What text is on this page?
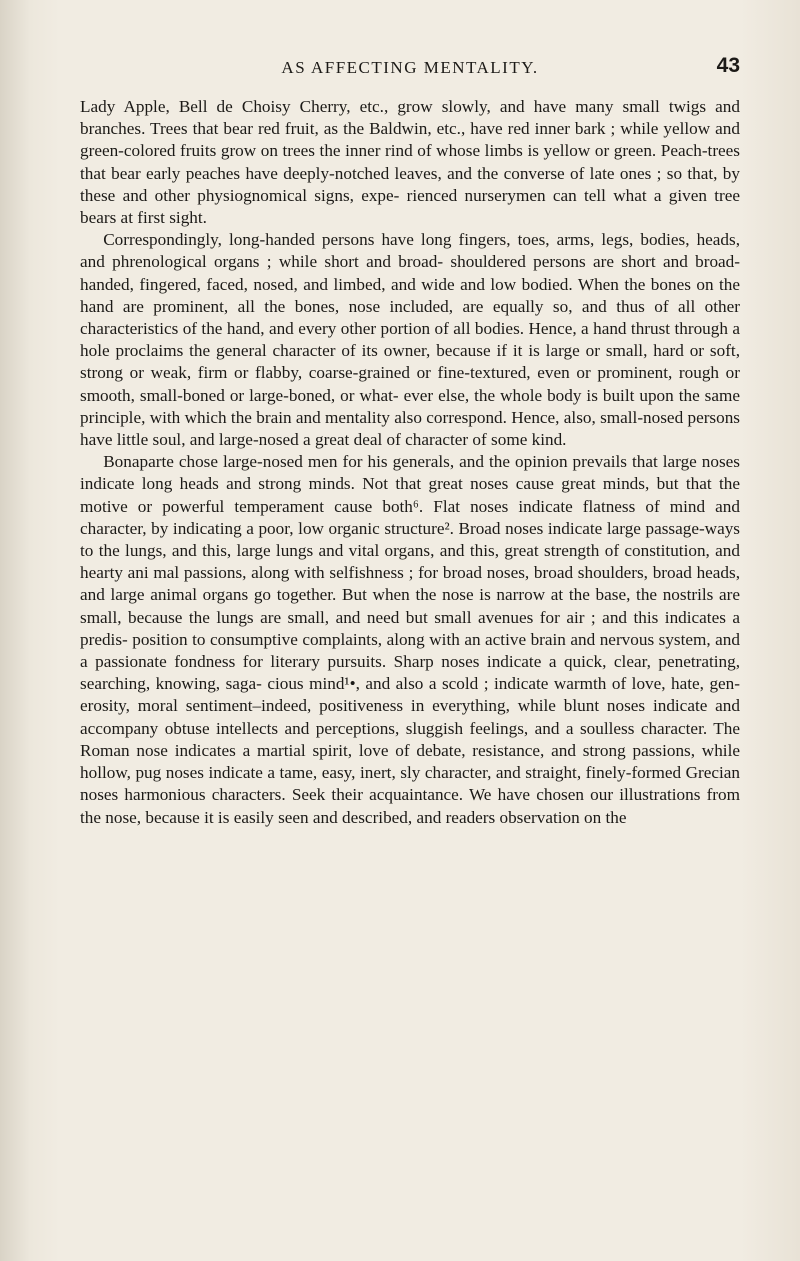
AS AFFECTING MENTALITY.	43

Lady Apple, Bell de Choisy Cherry, etc., grow slowly, and have many small twigs and branches. Trees that bear red fruit, as the Baldwin, etc., have red inner bark ; while yellow and green-colored fruits grow on trees the inner rind of whose limbs is yellow or green. Peach-trees that bear early peaches have deeply-notched leaves, and the converse of late ones ; so that, by these and other physiognomical signs, expe- rienced nurserymen can tell what a given tree bears at first sight.

Correspondingly, long-handed persons have long fingers, toes, arms, legs, bodies, heads, and phrenological organs ; while short and broad- shouldered persons are short and broad-handed, fingered, faced, nosed, and limbed, and wide and low bodied. When the bones on the hand are prominent, all the bones, nose included, are equally so, and thus of all other characteristics of the hand, and every other portion of all bodies. Hence, a hand thrust through a hole proclaims the general character of its owner, because if it is large or small, hard or soft, strong or weak, firm or flabby, coarse-grained or fine-textured, even or prominent, rough or smooth, small-boned or large-boned, or what- ever else, the whole body is built upon the same principle, with which the brain and mentality also correspond. Hence, also, small-nosed persons have little soul, and large-nosed a great deal of character of some kind.

Bonaparte chose large-nosed men for his generals, and the opinion prevails that large noses indicate long heads and strong minds. Not that great noses cause great minds, but that the motive or powerful temperament cause both⁶. Flat noses indicate flatness of mind and character, by indicating a poor, low organic structure². Broad noses indicate large passage-ways to the lungs, and this, large lungs and vital organs, and this, great strength of constitution, and hearty ani mal passions, along with selfishness ; for broad noses, broad shoulders, broad heads, and large animal organs go together. But when the nose is narrow at the base, the nostrils are small, because the lungs are small, and need but small avenues for air ; and this indicates a predis- position to consumptive complaints, along with an active brain and nervous system, and a passionate fondness for literary pursuits. Sharp noses indicate a quick, clear, penetrating, searching, knowing, saga- cious mind¹•, and also a scold ; indicate warmth of love, hate, gen- erosity, moral sentiment–indeed, positiveness in everything, while blunt noses indicate and accompany obtuse intellects and perceptions, sluggish feelings, and a soulless character. The Roman nose indicates a martial spirit, love of debate, resistance, and strong passions, while hollow, pug noses indicate a tame, easy, inert, sly character, and straight, finely-formed Grecian noses harmonious characters. Seek their acquaintance. We have chosen our illustrations from the nose, because it is easily seen and described, and readers observation on the
